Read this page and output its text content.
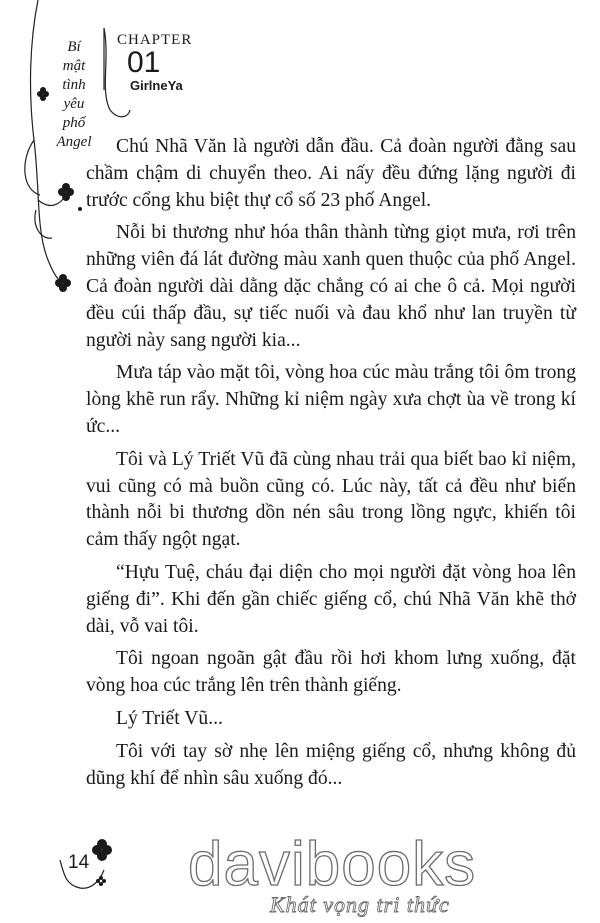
Bí
mật
tình
yêu
phố
Angel
CHAPTER
01
GirlneYa

Chú Nhã Văn là người dẫn đầu. Cả đoàn người đằng sau chầm chậm di chuyển theo. Ai nấy đều đứng lặng người đi trước cổng khu biệt thự cổ số 23 phố Angel.

Nỗi bi thương như hóa thân thành từng giọt mưa, rơi trên những viên đá lát đường màu xanh quen thuộc của phố Angel. Cả đoàn người dài dằng dặc chẳng có ai che ô cả. Mọi người đều cúi thấp đầu, sự tiếc nuối và đau khổ như lan truyền từ người này sang người kia...

Mưa táp vào mặt tôi, vòng hoa cúc màu trắng tôi ôm trong lòng khẽ run rẩy. Những kỉ niệm ngày xưa chợt ùa về trong kí ức...

Tôi và Lý Triết Vũ đã cùng nhau trải qua biết bao kỉ niệm, vui cũng có mà buồn cũng có. Lúc này, tất cả đều như biến thành nỗi bi thương dồn nén sâu trong lồng ngực, khiến tôi cảm thấy ngột ngạt.

“Hựu Tuệ, cháu đại diện cho mọi người đặt vòng hoa lên giếng đi”. Khi đến gần chiếc giếng cổ, chú Nhã Văn khẽ thở dài, vỗ vai tôi.

Tôi ngoan ngoãn gật đầu rồi hơi khom lưng xuống, đặt vòng hoa cúc trắng lên trên thành giếng.

Lý Triết Vũ...

Tôi với tay sờ nhẹ lên miệng giếng cổ, nhưng không đủ dũng khí để nhìn sâu xuống đó...

14 davibooks
Khát vọng tri thức
